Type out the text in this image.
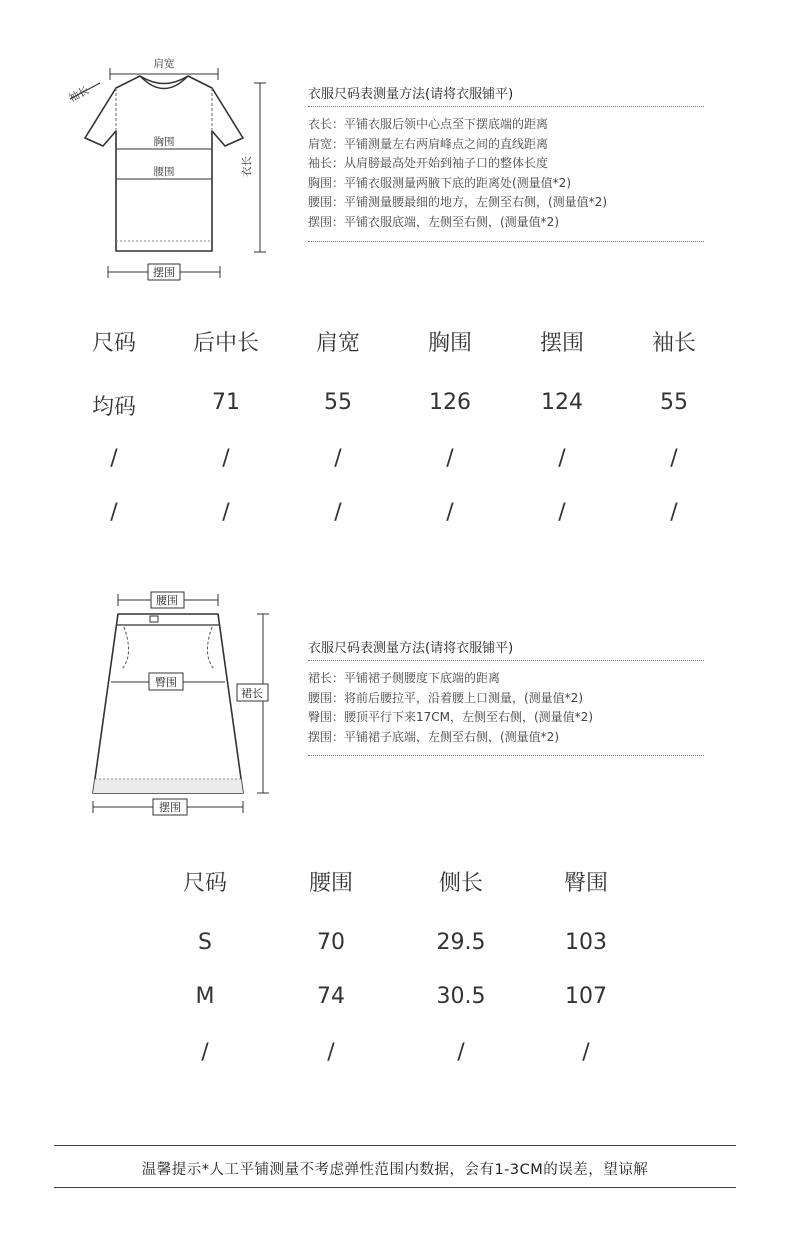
肩宽
袖长
胸围
腰围	衣长
摆围
衣服尺码表测量方法(请将衣服铺平)
衣长：平铺衣服后领中心点至下摆底端的距离
肩宽：平铺测量左右两肩峰点之间的直线距离
袖长：从肩膀最高处开始到袖子口的整体长度
胸围：平铺衣服测量两腋下底的距离处(测量值*2)
腰围：平铺测量腰最细的地方，左侧至右侧，(测量值*2)
摆围：平铺衣服底端，左侧至右侧，(测量值*2)
尺码	后中长	肩宽	胸围	摆围	袖长
均码	71	55	126	124	55
/	/	/	/	/	/
/	/	/	/	/	/
腰围
臀围
裙长
摆围
衣服尺码表测量方法(请将衣服铺平)
裙长：平铺裙子侧腰度下底端的距离
腰围：将前后腰拉平，沿着腰上口测量，(测量值*2)
臀围：腰顶平行下来17CM，左侧至右侧，(测量值*2)
摆围：平铺裙子底端，左侧至右侧，(测量值*2)
尺码	腰围	侧长	臀围
S	70	29.5	103
M	74	30.5	107
/	/	/	/
温馨提示*人工平铺测量不考虑弹性范围内数据，会有1-3CM的误差，望谅解
